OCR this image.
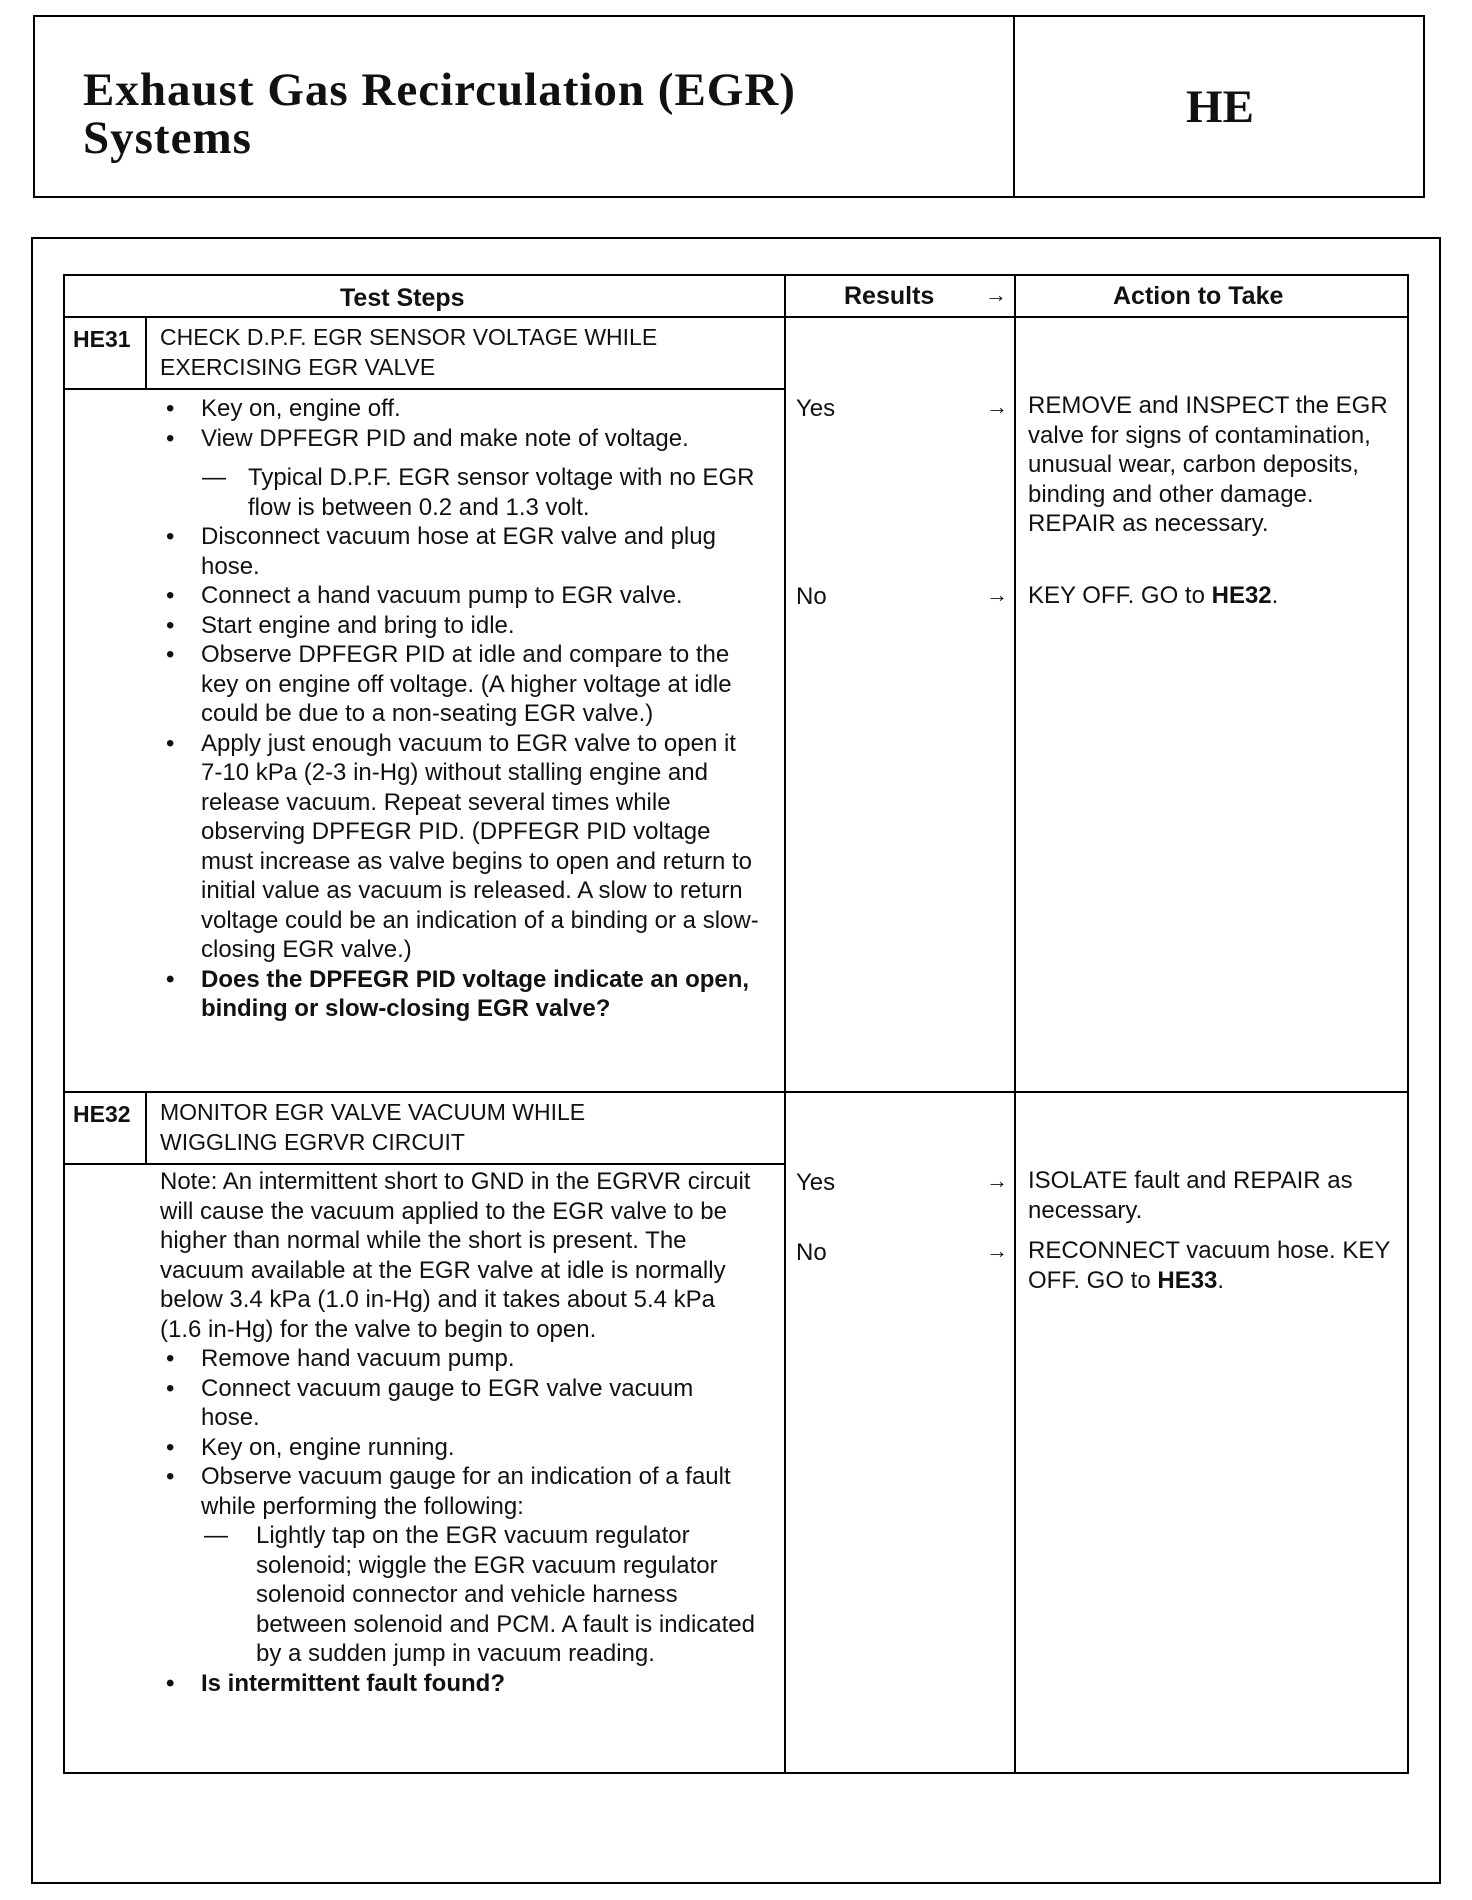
Exhaust Gas Recirculation (EGR)
Systems
HE
Test Steps	Results →	Action to Take
HE31 CHECK D.P.F. EGR SENSOR VOLTAGE WHILE
EXERCISING EGR VALVE
• Key on, engine off.
• View DPFEGR PID and make note of voltage.
— Typical D.P.F. EGR sensor voltage with no EGR flow is between 0.2 and 1.3 volt.
• Disconnect vacuum hose at EGR valve and plug hose.
• Connect a hand vacuum pump to EGR valve.
• Start engine and bring to idle.
• Observe DPFEGR PID at idle and compare to the key on engine off voltage. (A higher voltage at idle could be due to a non-seating EGR valve.)
• Apply just enough vacuum to EGR valve to open it 7-10 kPa (2-3 in-Hg) without stalling engine and release vacuum. Repeat several times while observing DPFEGR PID. (DPFEGR PID voltage must increase as valve begins to open and return to initial value as vacuum is released. A slow to return voltage could be an indication of a binding or a slow-closing EGR valve.)
• Does the DPFEGR PID voltage indicate an open, binding or slow-closing EGR valve?
Yes	→ REMOVE and INSPECT the EGR valve for signs of contamination, unusual wear, carbon deposits, binding and other damage. REPAIR as necessary.
No	→ KEY OFF. GO to HE32.
HE32 MONITOR EGR VALVE VACUUM WHILE
WIGGLING EGRVR CIRCUIT

Note: An intermittent short to GND in the EGRVR circuit will cause the vacuum applied to the EGR valve to be higher than normal while the short is present. The vacuum available at the EGR valve at idle is normally below 3.4 kPa (1.0 in-Hg) and it takes about 5.4 kPa (1.6 in-Hg) for the valve to begin to open.

• Remove hand vacuum pump.
• Connect vacuum gauge to EGR valve vacuum hose.
• Key on, engine running.
• Observe vacuum gauge for an indication of a fault while performing the following:
— Lightly tap on the EGR vacuum regulator solenoid; wiggle the EGR vacuum regulator solenoid connector and vehicle harness between solenoid and PCM. A fault is indicated by a sudden jump in vacuum reading.
• Is intermittent fault found?
Yes	→ ISOLATE fault and REPAIR as necessary.
No	→ RECONNECT vacuum hose. KEY OFF. GO to HE33.
